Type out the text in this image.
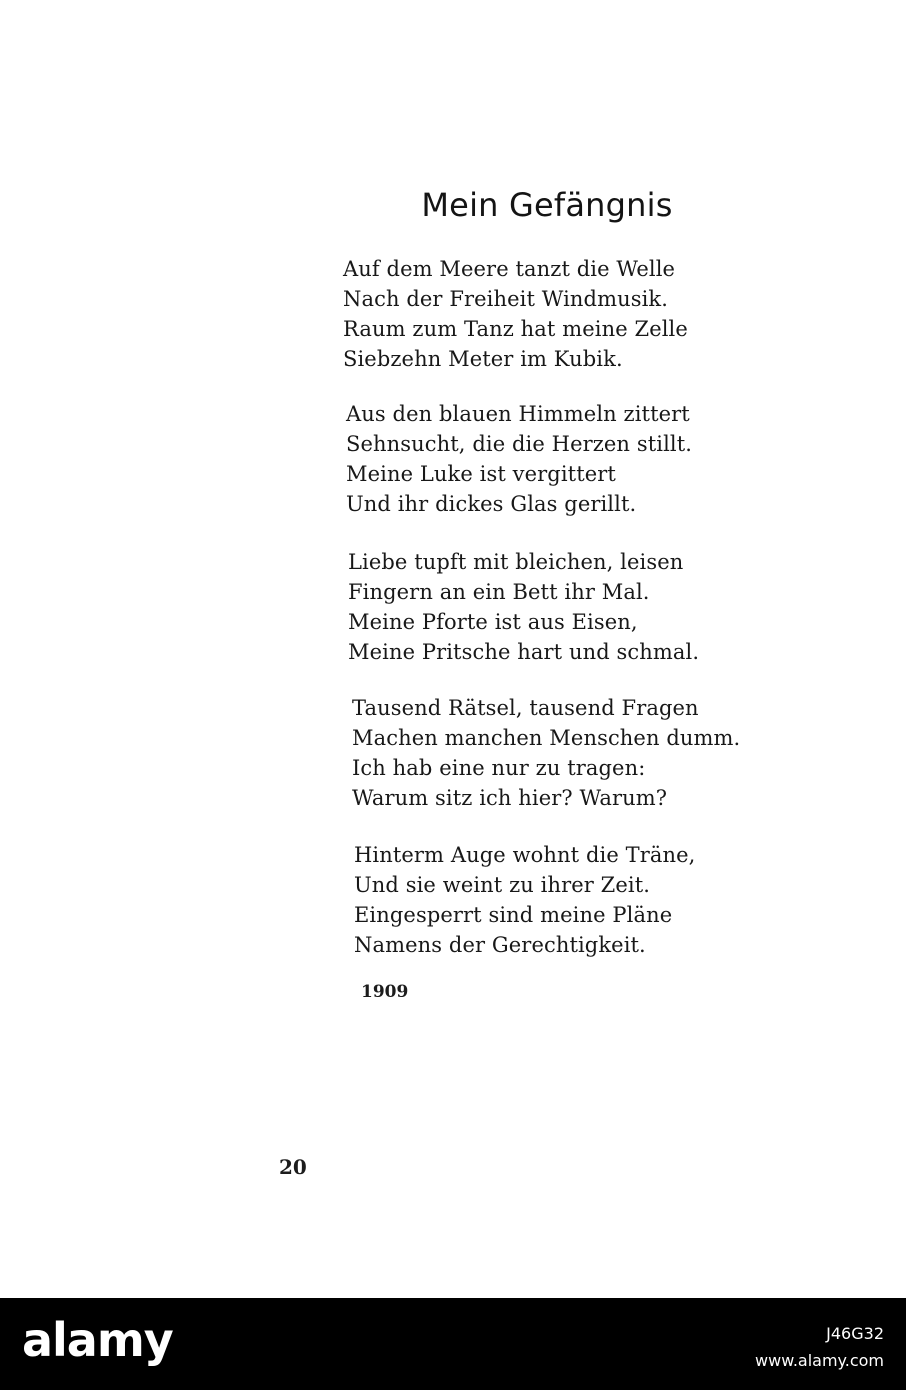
Mein Gefängnis
Auf dem Meere tanzt die Welle
Nach der Freiheit Windmusik.
Raum zum Tanz hat meine Zelle
Siebzehn Meter im Kubik.
Aus den blauen Himmeln zittert
Sehnsucht, die die Herzen stillt.
Meine Luke ist vergittert
Und ihr dickes Glas gerillt.
Liebe tupft mit bleichen, leisen
Fingern an ein Bett ihr Mal.
Meine Pforte ist aus Eisen,
Meine Pritsche hart und schmal.
Tausend Rätsel, tausend Fragen
Machen manchen Menschen dumm.
Ich hab eine nur zu tragen:
Warum sitz ich hier? Warum?
Hinterm Auge wohnt die Träne,
Und sie weint zu ihrer Zeit.
Eingesperrt sind meine Pläne
Namens der Gerechtigkeit.
1909
20
alamy	J46G32
www.alamy.com
